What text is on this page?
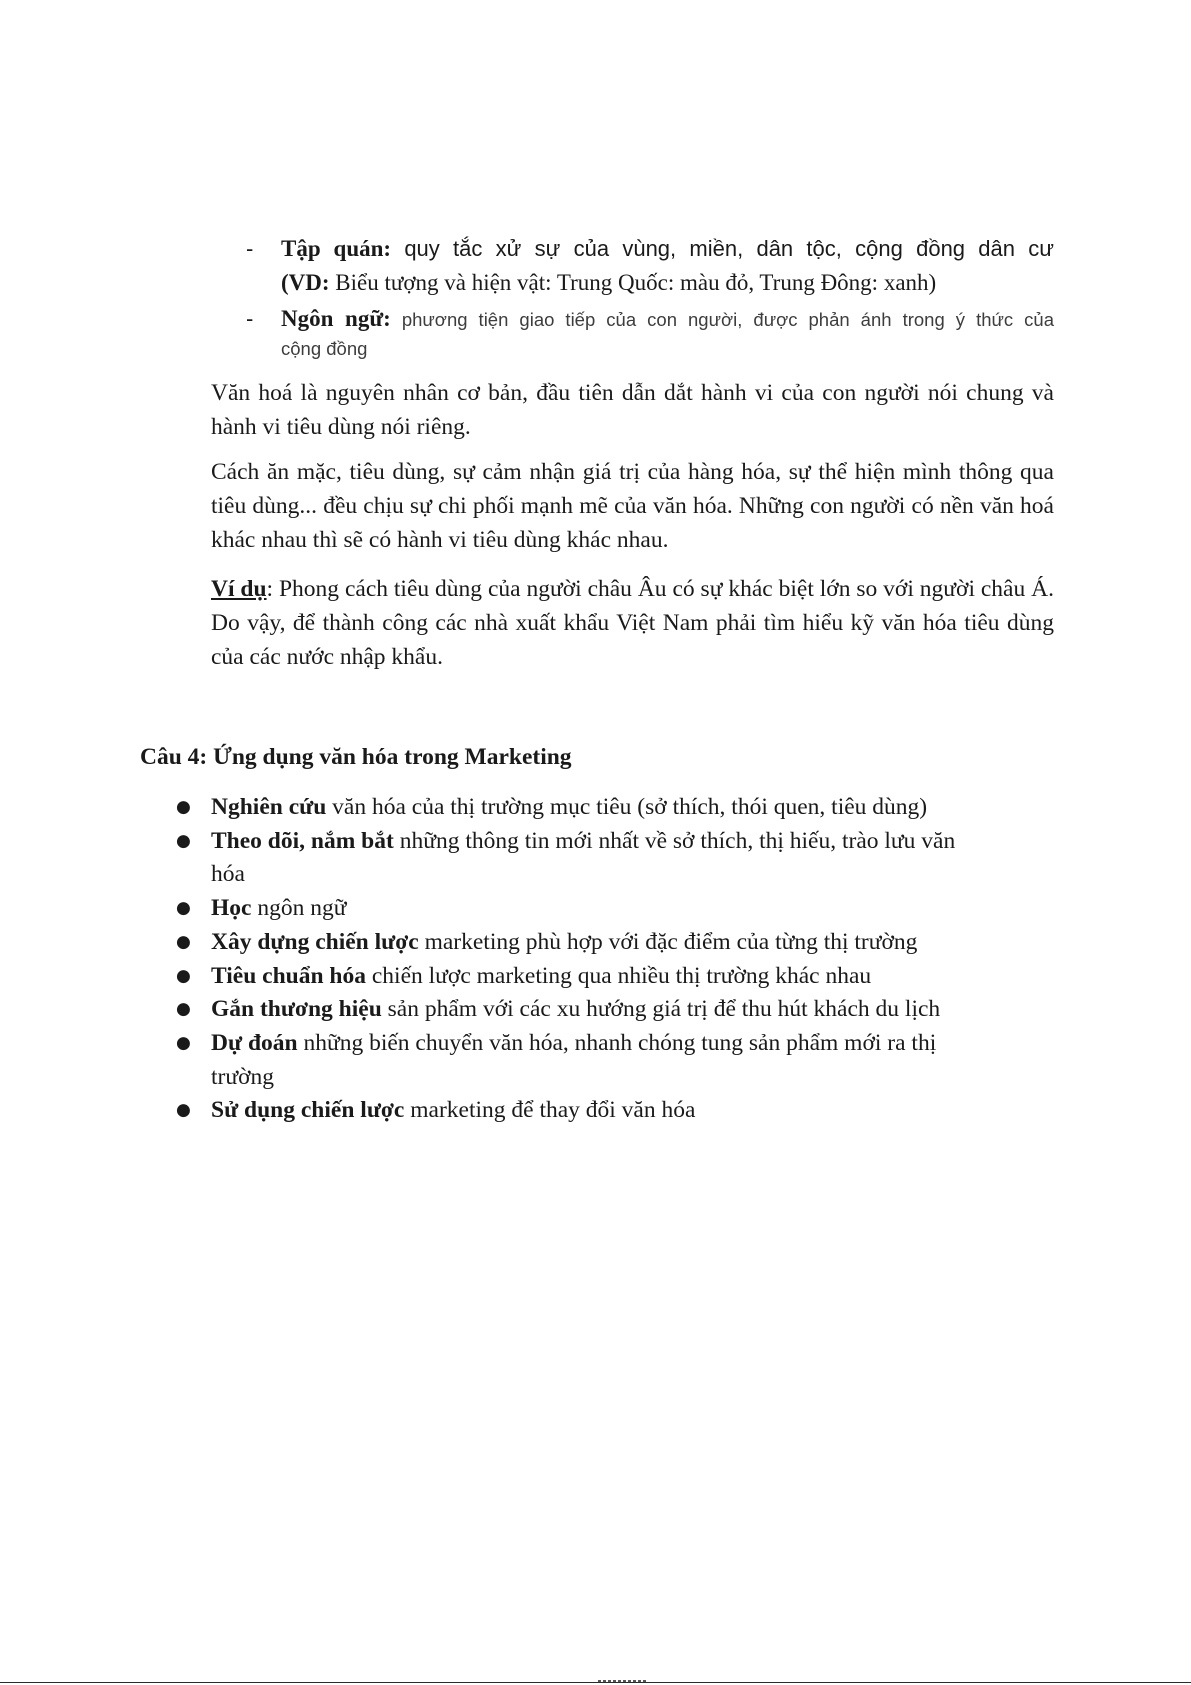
- Tập quán: quy tắc xử sự của vùng, miền, dân tộc, cộng đồng dân cư
(VD: Biểu tượng và hiện vật: Trung Quốc: màu đỏ, Trung Đông: xanh)
- Ngôn ngữ: phương tiện giao tiếp của con người, được phản ánh trong ý thức của
cộng đồng

Văn hoá là nguyên nhân cơ bản, đầu tiên dẫn dắt hành vi của con người nói chung và hành vi tiêu dùng nói riêng.

Cách ăn mặc, tiêu dùng, sự cảm nhận giá trị của hàng hóa, sự thể hiện mình thông qua tiêu dùng... đều chịu sự chi phối mạnh mẽ của văn hóa. Những con người có nền văn hoá khác nhau thì sẽ có hành vi tiêu dùng khác nhau.

Ví dụ: Phong cách tiêu dùng của người châu Âu có sự khác biệt lớn so với người châu Á. Do vậy, để thành công các nhà xuất khẩu Việt Nam phải tìm hiểu kỹ văn hóa tiêu dùng của các nước nhập khẩu.

Câu 4: Ứng dụng văn hóa trong Marketing
● Nghiên cứu văn hóa của thị trường mục tiêu (sở thích, thói quen, tiêu dùng)
● Theo dõi, nắm bắt những thông tin mới nhất về sở thích, thị hiếu, trào lưu văn hóa
● Học ngôn ngữ
● Xây dựng chiến lược marketing phù hợp với đặc điểm của từng thị trường
● Tiêu chuẩn hóa chiến lược marketing qua nhiều thị trường khác nhau
● Gắn thương hiệu sản phẩm với các xu hướng giá trị để thu hút khách du lịch
● Dự đoán những biến chuyển văn hóa, nhanh chóng tung sản phẩm mới ra thị trường
● Sử dụng chiến lược marketing để thay đổi văn hóa
